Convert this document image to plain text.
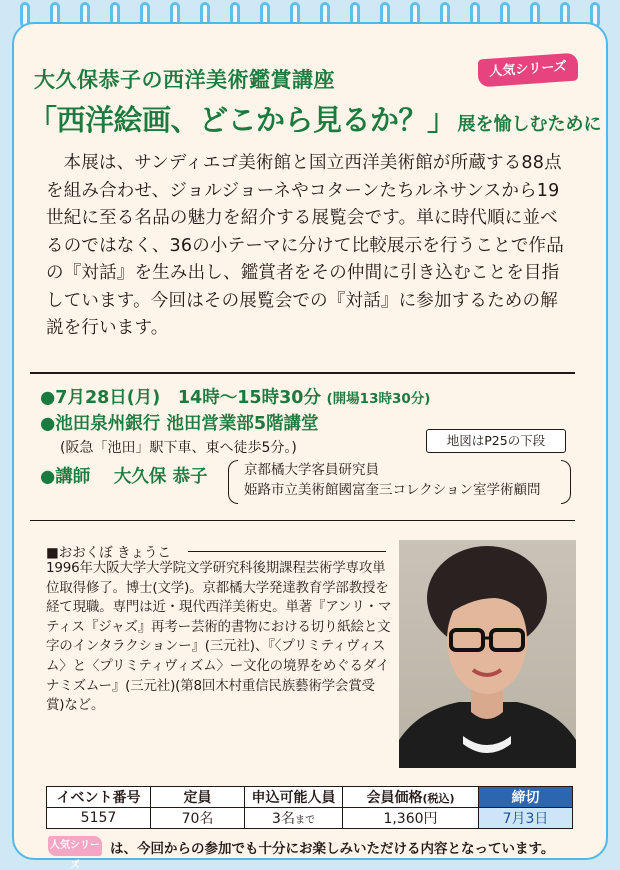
人気シリーズ
大久保恭子の西洋美術鑑賞講座
「西洋絵画、どこから見るか？」 展を愉しむために

本展は、サンディエゴ美術館と国立西洋美術館が所蔵する88点を組み合わせ、ジョルジョーネやコターンたちルネサンスから19世紀に至る名品の魅力を紹介する展覧会です。単に時代順に並べるのではなく、36の小テーマに分けて比較展示を行うことで作品の『対話』を生み出し、鑑賞者をその仲間に引き込むことを目指しています。今回はその展覧会での『対話』に参加するための解説を行います。

●7月28日(月) 14時〜15時30分 (開場13時30分)
●池田泉州銀行 池田営業部5階講堂
(阪急「池田」駅下車、東へ徒歩5分。)	地図はP25の下段
●講師 大久保 恭子	京都橘大学客員研究員
姫路市立美術館國富奎三コレクション室学術顧問
■おおくぼ きょうこ

1996年大阪大学大学院文学研究科後期課程芸術学専攻単位取得修了。博士(文学)。京都橘大学発達教育学部教授を経て現職。専門は近・現代西洋美術史。単著『アンリ・マティス『ジャズ』再考ー芸術的書物における切り紙絵と文字のインタラクションー』(三元社)、『〈プリミティヴィスム〉と〈プリミティヴィズム〉ー文化の境界をめぐるダイナミズムー』(三元社)(第8回木村重信民族藝術学会賞受賞)など。

イベント番号	定員	申込可能人員	会員価格(税込)	締切
5157	70名	3名まで	1,360円	7月3日
人気シリーズ
は、今回からの参加でも十分にお楽しみいただける内容となっています。
